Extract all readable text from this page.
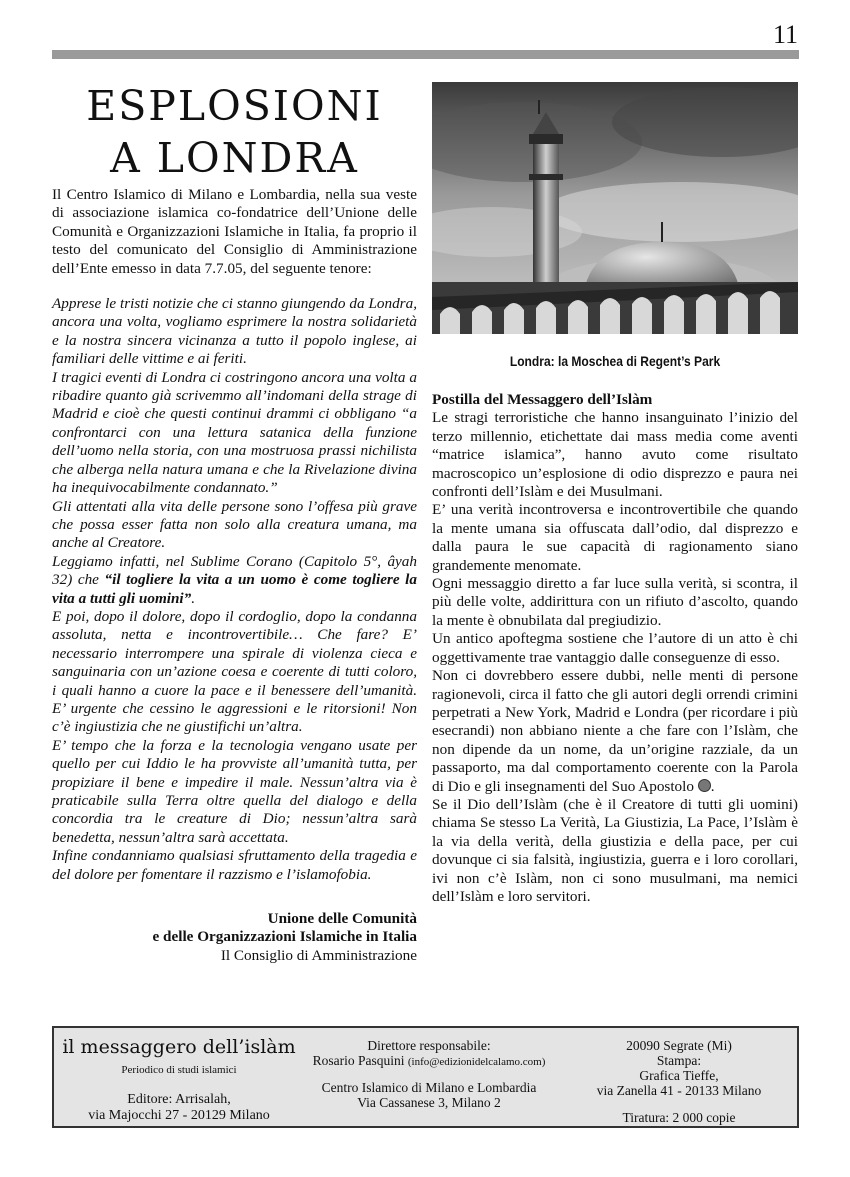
11
ESPLOSIONI
A LONDRA

Il Centro Islamico di Milano e Lombardia, nella sua veste di associazione islamica co-fondatrice dell’Unione delle Comunità e Organizzazioni Islamiche in Italia, fa proprio il testo del comunicato del Consiglio di Amministrazione dell’Ente emesso in data 7.7.05, del seguente tenore:

Apprese le tristi notizie che ci stanno giungendo da Londra, ancora una volta, vogliamo esprimere la nostra solidarietà e la nostra sincera vicinanza a tutto il popolo inglese, ai familiari delle vittime e ai feriti.

I tragici eventi di Londra ci costringono ancora una volta a ribadire quanto già scrivemmo all’indomani della strage di Madrid e cioè che questi continui drammi ci obbligano “a confrontarci con una lettura satanica della funzione dell’uomo nella storia, con una mostruosa prassi nichilista che alberga nella natura umana e che la Rivelazione divina ha inequivocabilmente condannato.”

Gli attentati alla vita delle persone sono l’offesa più grave che possa esser fatta non solo alla creatura umana, ma anche al Creatore.

Leggiamo infatti, nel Sublime Corano (Capitolo 5°, âyah 32) che “il togliere la vita a un uomo è come togliere la vita a tutti gli uomini”.

E poi, dopo il dolore, dopo il cordoglio, dopo la condanna assoluta, netta e incontrovertibile… Che fare? E’ necessario interrompere una spirale di violenza cieca e sanguinaria con un’azione coesa e coerente di tutti coloro, i quali hanno a cuore la pace e il benessere dell’umanità. E’ urgente che cessino le aggressioni e le ritorsioni! Non c’è ingiustizia che ne giustifichi un’altra.

E’ tempo che la forza e la tecnologia vengano usate per quello per cui Iddio le ha provviste all’umanità tutta, per propiziare il bene e impedire il male. Nessun’altra via è praticabile sulla Terra oltre quella del dialogo e della concordia tra le creature di Dio; nessun’altra sarà benedetta, nessun’altra sarà accettata.

Infine condanniamo qualsiasi sfruttamento della tragedia e del dolore per fomentare il razzismo e l’islamofobia.

Unione delle Comunità
e delle Organizzazioni Islamiche in Italia
Il Consiglio di Amministrazione
Londra: la Moschea di Regent’s Park

Postilla del Messaggero dell’Islàm

Le stragi terroristiche che hanno insanguinato l’inizio del terzo millennio, etichettate dai mass media come aventi “matrice islamica”, hanno avuto come risultato macroscopico un’esplosione di odio disprezzo e paura nei confronti dell’Islàm e dei Musulmani.

E’ una verità incontroversa e incontrovertibile che quando la mente umana sia offuscata dall’odio, dal disprezzo e dalla paura le sue capacità di ragionamento siano grandemente menomate.

Ogni messaggio diretto a far luce sulla verità, si scontra, il più delle volte, addirittura con un rifiuto d’ascolto, quando la mente è obnubilata dal pregiudizio.

Un antico apoftegma sostiene che l’autore di un atto è chi oggettivamente trae vantaggio dalle conseguenze di esso.

Non ci dovrebbero essere dubbi, nelle menti di persone ragionevoli, circa il fatto che gli autori degli orrendi crimini perpetrati a New York, Madrid e Londra (per ricordare i più esecrandi) non abbiano niente a che fare con l’Islàm, che non dipende da un nome, da un’origine razziale, da un passaporto, ma dal comportamento coerente con la Parola di Dio e gli insegnamenti del Suo Apostolo .

Se il Dio dell’Islàm (che è il Creatore di tutti gli uomini) chiama Se stesso La Verità, La Giustizia, La Pace, l’Islàm è la via della verità, della giustizia e della pace, per cui dovunque ci sia falsità, ingiustizia, guerra e i loro corollari, ivi non c’è Islàm, non ci sono musulmani, ma nemici dell’Islàm e loro servitori.

il messaggero dell’islàm
Periodico di studi islamici
Editore: Arrisalah,
via Majocchi 27 - 20129 Milano
Direttore responsabile:
Rosario Pasquini (info@edizionidelcalamo.com)
Centro Islamico di Milano e Lombardia
Via Cassanese 3, Milano 2
20090 Segrate (Mi)
Stampa:
Grafica Tieffe,
via Zanella 41 - 20133 Milano
Tiratura: 2 000 copie
